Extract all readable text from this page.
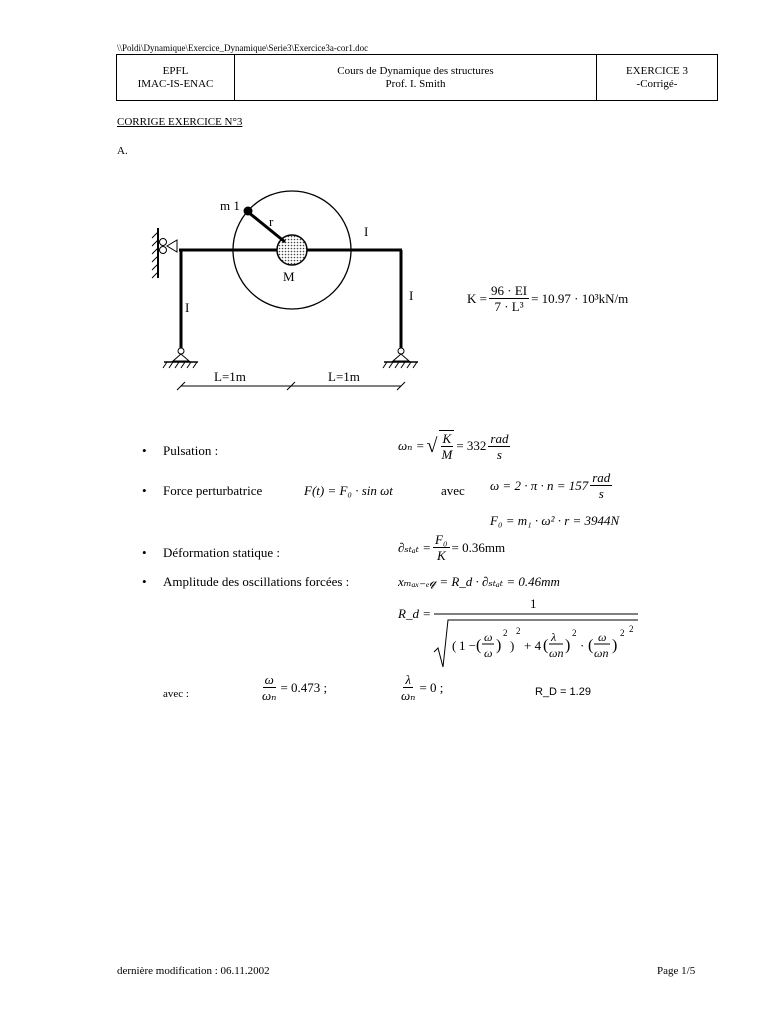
\\Poldi\Dynamique\Exercice_Dynamique\Serie3\Exercice3a-cor1.doc
EPFL
IMAC-IS-ENAC

Cours de Dynamique des structures
Prof. I. Smith

EXERCICE 3
-Corrigé-
CORRIGE EXERCICE N°3
A.
m 1
r
M
I
I
I
L=1m	L=1m
$K = \frac{96 \cdot EI}{\text{7 · L³}} = 10.97 \cdot 10^3kN/m$
• Pulsation :	ωₙ = √ $\frac{K}{M} = 332 \frac{\text{rad}}{s}$
• Force perturbatrice	F(t) = F₀ · sin ωt	avec $\omega = 2 \cdot \pi \cdot n = 157 \frac{\text{rad}}{s}$
F₀ = m₁ · ω² · r = 3944N
• Déformation statique :	$\partial_{stat} = \frac{\text{F₀}}{K} = 0.36mm$
• Amplitude des oscillations forcées :	xₘₐₓ₋ₑ𝓆 = R_d · ∂ₛₜₐₜ = 0.46mm
R_d =
1
( 1 − ( ω
ω )
2
)
2
+ 4 ( λ
ωn )
2
· ( ω
ωn )
2 2
avec :	$\frac{\omega}{\text{ωₙ}} = 0.473$ ;	$\frac{\lambda}{\text{ωₙ}} = 0$ ;	R_D = 1.29
dernière modification : 06.11.2002	Page 1/5
